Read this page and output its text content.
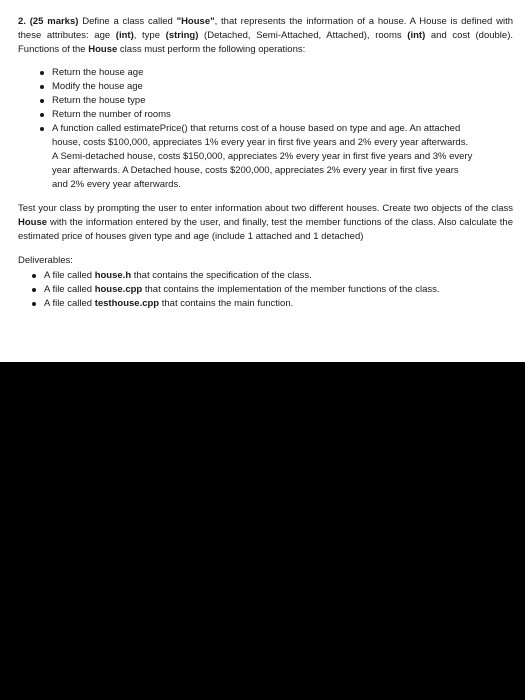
2. (25 marks) Define a class called "House", that represents the information of a house. A House is defined with these attributes: age (int), type (string) (Detached, Semi-Attached, Attached), rooms (int) and cost (double). Functions of the House class must perform the following operations:

Return the house age
Modify the house age
Return the house type
Return the number of rooms
A function called estimatePrice() that returns cost of a house based on type and age. An attached house, costs $100,000, appreciates 1% every year in first five years and 2% every year afterwards. A Semi-detached house, costs $150,000, appreciates 2% every year in first five years and 3% every year afterwards. A Detached house, costs $200,000, appreciates 2% every year in first five years and 2% every year afterwards.

Test your class by prompting the user to enter information about two different houses. Create two objects of the class House with the information entered by the user, and finally, test the member functions of the class. Also calculate the estimated price of houses given type and age (include 1 attached and 1 detached)

Deliverables:

A file called house.h that contains the specification of the class.
A file called house.cpp that contains the implementation of the member functions of the class.
A file called testhouse.cpp that contains the main function.
